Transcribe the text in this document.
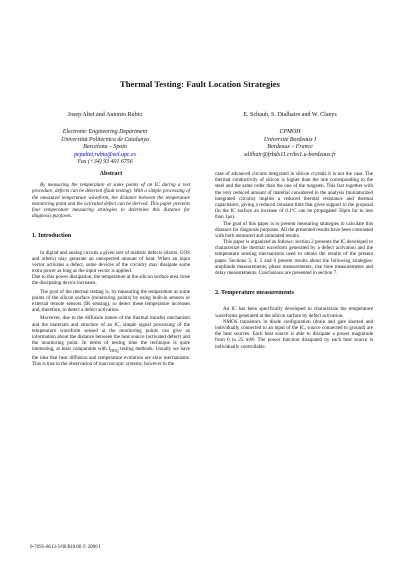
Thermal Testing: Fault Location Strategies
Josep Altet and Antonio Rubio
Electronic Engineering Department
Universitat Politècnica de Catalunya
Barcelona – Spain
pepaltet,rubio@eel.upc.es
Fax (+34) 93 401 6756
E. Schaub, S. Dialhaire and W. Claeys
CPMOH
Université Bordeaux I
Bordeaux – France
sdilhair@frbdx11.cribx1.u-bordeaux.fr
Abstract

By measuring the temperature at some points of an IC during a test procedure, defects can be detected (fault testing). With a simple processing of the measured temperature waveform, the distance between the temperature monitoring point and the activated defect can be derived. This paper presents four temperature measuring strategies to determine this distance for diagnosis purposes.

1. Introduction

In digital and analog circuits a given sort of realistic defects (shorts, GOS and others) may generate an unexpected amount of heat. When an input vector activates a defect, some devices of the circuitry may dissipate some extra power as long as the input vector is applied.

Due to this power dissipation, the temperature at the silicon surface area close the dissipating device increases.

The goal of the thermal testing is, by measuring the temperature at some points of the silicon surface (monitoring points) by using built-in sensors or external remote sensors (IR sensing), to detect these temperature increases and, therefore, to detect a defect activation.

Moreover, due to the diffusion nature of the thermal transfer mechanism and the materials and structure of an IC, simple signal processing of the temperature waveform sensed at the monitoring points can give us information about the distance between the heat source (activated defect) and the monitoring point. In terms of testing time the technique is quite interesting, at least comparable with $I_{DDQ}$ testing methods. Usually we have the idea that heat diffusion and temperature evolution are slow mechanisms. This is true in the observation of macroscopic systems, however in the

case of advanced circuits integrated in silicon crystals it is not the case. The thermal conductivity of silicon is higher than the one corresponding to the steel and the same order than the one of the tungsten. This fact together with the very reduced amount of material considered in the analysis (miniaturized integrated circuits) implies a reduced thermal resistance and thermal capacitance, giving a reduced constant time that gives support to the proposal (in the IC surface an increase of 0.1ºC can be propagated 50μm far in less than 1μs).

The goal of this paper is to present measuring strategies to calculate this distance for diagnosis purposes. All the presented results have been contrasted with both measured and simulated results.

This paper is organized as follows: section 2 presents the IC developed to characterize the thermal waveform generated by a defect activation and the temperature sensing mechanisms used to obtain the results of the present paper. Sections 3, 4, 5 and 6 present results about the following strategies: amplitude measurements, phase measurements, rise time measurements and delay measurements. Conclusions are presented in section 7.

2. Temperature measurements

An IC has been specifically developed to characterize the temperature waveforms generated at the silicon surface by defect activation.

NMOS transistors in diode configuration (drain and gate shorted and individually connected to an input of the IC, source connected to ground) are the heat sources. Each heat source is able to dissipate a power magnitude from 0 to 25 mW. The power function dissipated by each heat source is individually controllable.

0-7695-0613-5/00 $10.00 © 2000 I
